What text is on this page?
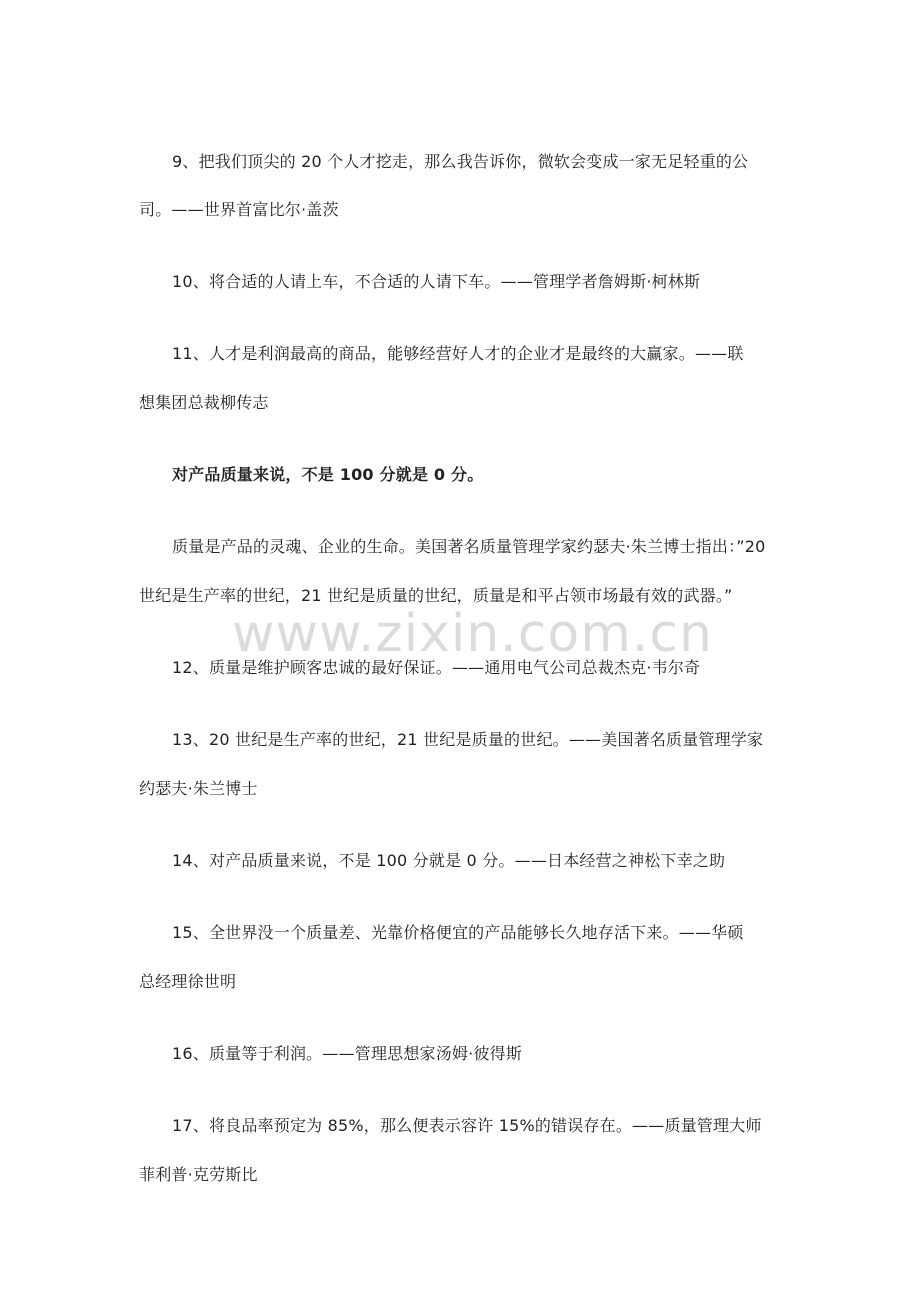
9、把我们顶尖的 20 个人才挖走，那么我告诉你，微软会变成一家无足轻重的公
司。——世界首富比尔·盖茨
10、将合适的人请上车，不合适的人请下车。——管理学者詹姆斯·柯林斯
11、人才是利润最高的商品，能够经营好人才的企业才是最终的大赢家。——联
想集团总裁柳传志
对产品质量来说，不是 100 分就是 0 分。
质量是产品的灵魂、企业的生命。美国著名质量管理学家约瑟夫·朱兰博士指出：”20
世纪是生产率的世纪，21 世纪是质量的世纪，质量是和平占领市场最有效的武器。”
www.zixin.com.cn
12、质量是维护顾客忠诚的最好保证。——通用电气公司总裁杰克·韦尔奇
13、20 世纪是生产率的世纪，21 世纪是质量的世纪。——美国著名质量管理学家
约瑟夫·朱兰博士
14、对产品质量来说，不是 100 分就是 0 分。——日本经营之神松下幸之助
15、全世界没一个质量差、光靠价格便宜的产品能够长久地存活下来。——华硕
总经理徐世明
16、质量等于利润。——管理思想家汤姆·彼得斯
17、将良品率预定为 85%，那么便表示容许 15%的错误存在。——质量管理大师
菲利普·克劳斯比
